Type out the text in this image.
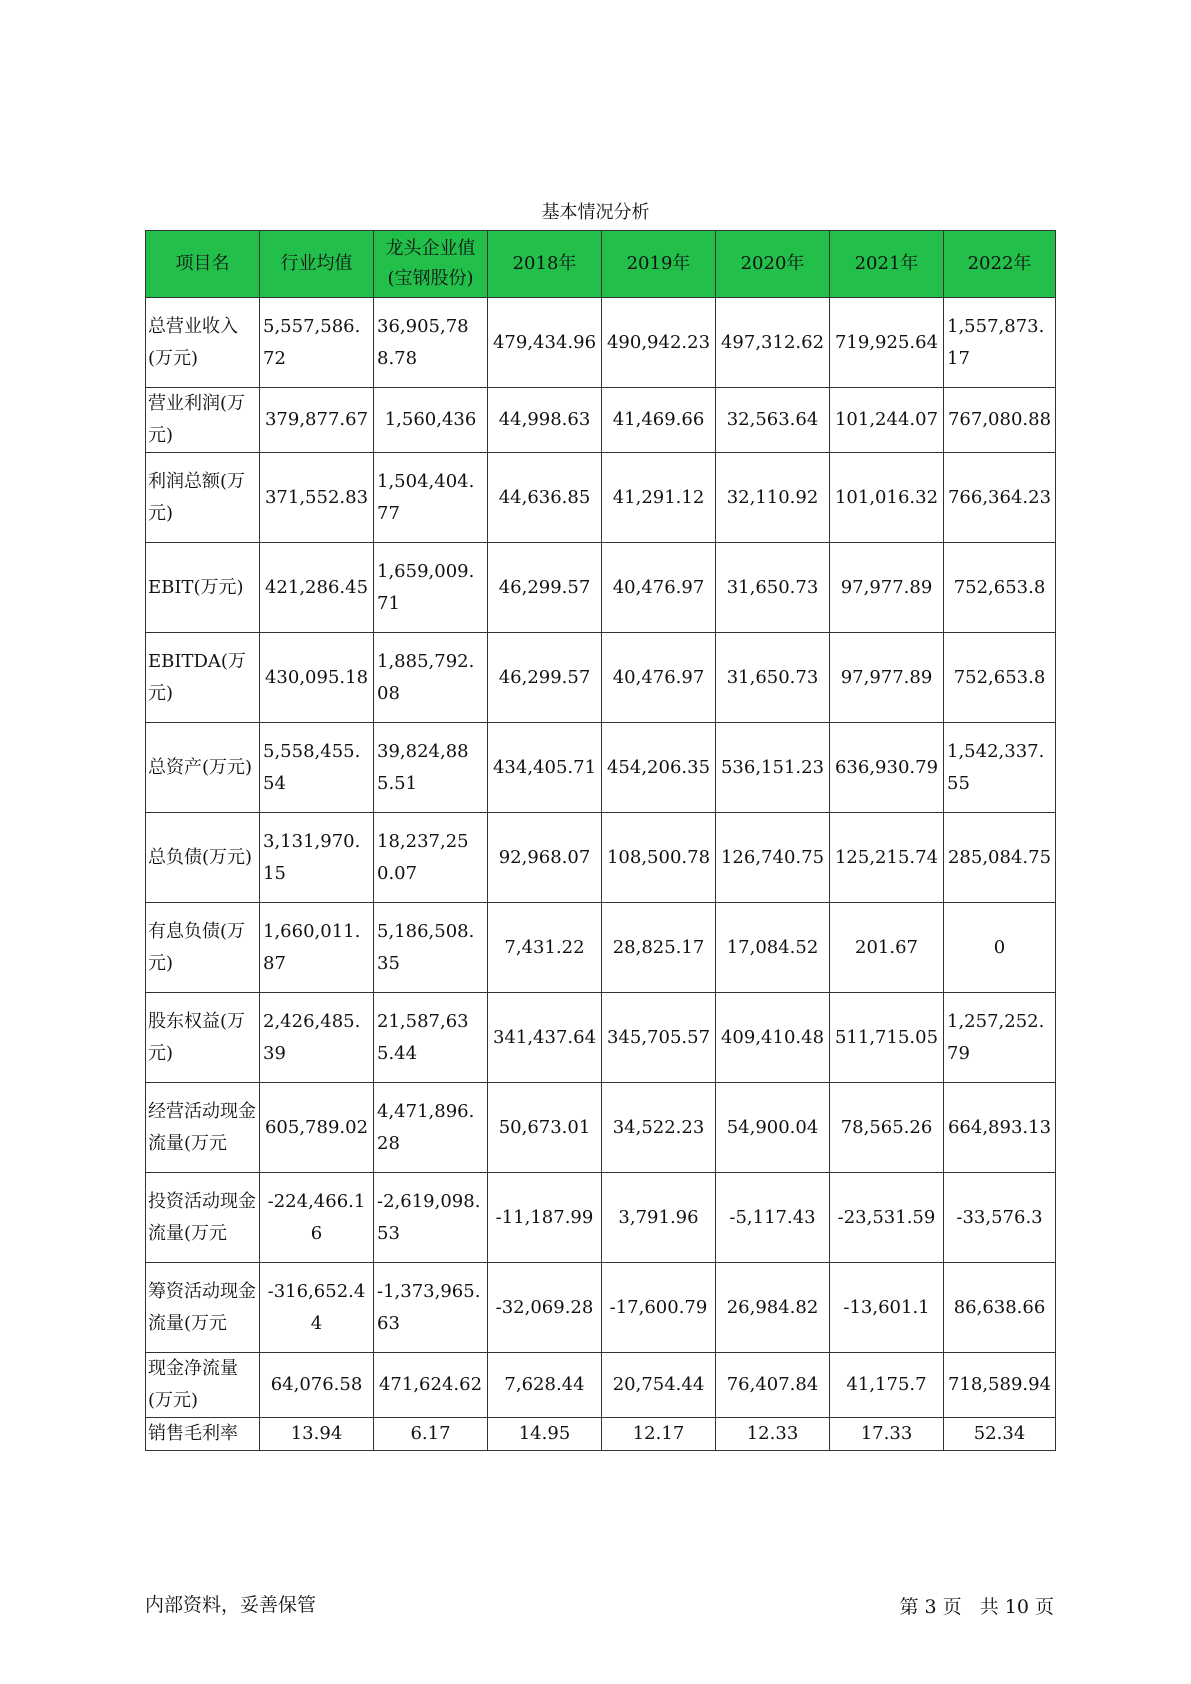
基本情况分析
项目名	行业均值	龙头企业值(宝钢股份)	2018年	2019年	2020年	2021年	2022年
总营业收入(万元)	5,557,586.72	36,905,788.78	479,434.96	490,942.23	497,312.62	719,925.64	1,557,873.17
营业利润(万元)	379,877.67	1,560,436	44,998.63	41,469.66	32,563.64	101,244.07	767,080.88
利润总额(万元)	371,552.83	1,504,404.77	44,636.85	41,291.12	32,110.92	101,016.32	766,364.23
EBIT(万元)	421,286.45	1,659,009.71	46,299.57	40,476.97	31,650.73	97,977.89	752,653.8
EBITDA(万元)	430,095.18	1,885,792.08	46,299.57	40,476.97	31,650.73	97,977.89	752,653.8
总资产(万元)	5,558,455.54	39,824,885.51	434,405.71	454,206.35	536,151.23	636,930.79	1,542,337.55
总负债(万元)	3,131,970.15	18,237,250.07	92,968.07	108,500.78	126,740.75	125,215.74	285,084.75
有息负债(万元)	1,660,011.87	5,186,508.35	7,431.22	28,825.17	17,084.52	201.67	0
股东权益(万元)	2,426,485.39	21,587,635.44	341,437.64	345,705.57	409,410.48	511,715.05	1,257,252.79
经营活动现金流量(万元	605,789.02	4,471,896.28	50,673.01	34,522.23	54,900.04	78,565.26	664,893.13
投资活动现金流量(万元	-224,466.16	-2,619,098.53	-11,187.99	3,791.96	-5,117.43	-23,531.59	-33,576.3
筹资活动现金流量(万元	-316,652.44	-1,373,965.63	-32,069.28	-17,600.79	26,984.82	-13,601.1	86,638.66
现金净流量(万元)	64,076.58	471,624.62	7,628.44	20,754.44	76,407.84	41,175.7	718,589.94
销售毛利率	13.94	6.17	14.95	12.17	12.33	17.33	52.34
内部资料，妥善保管	第 3 页   共 10 页
